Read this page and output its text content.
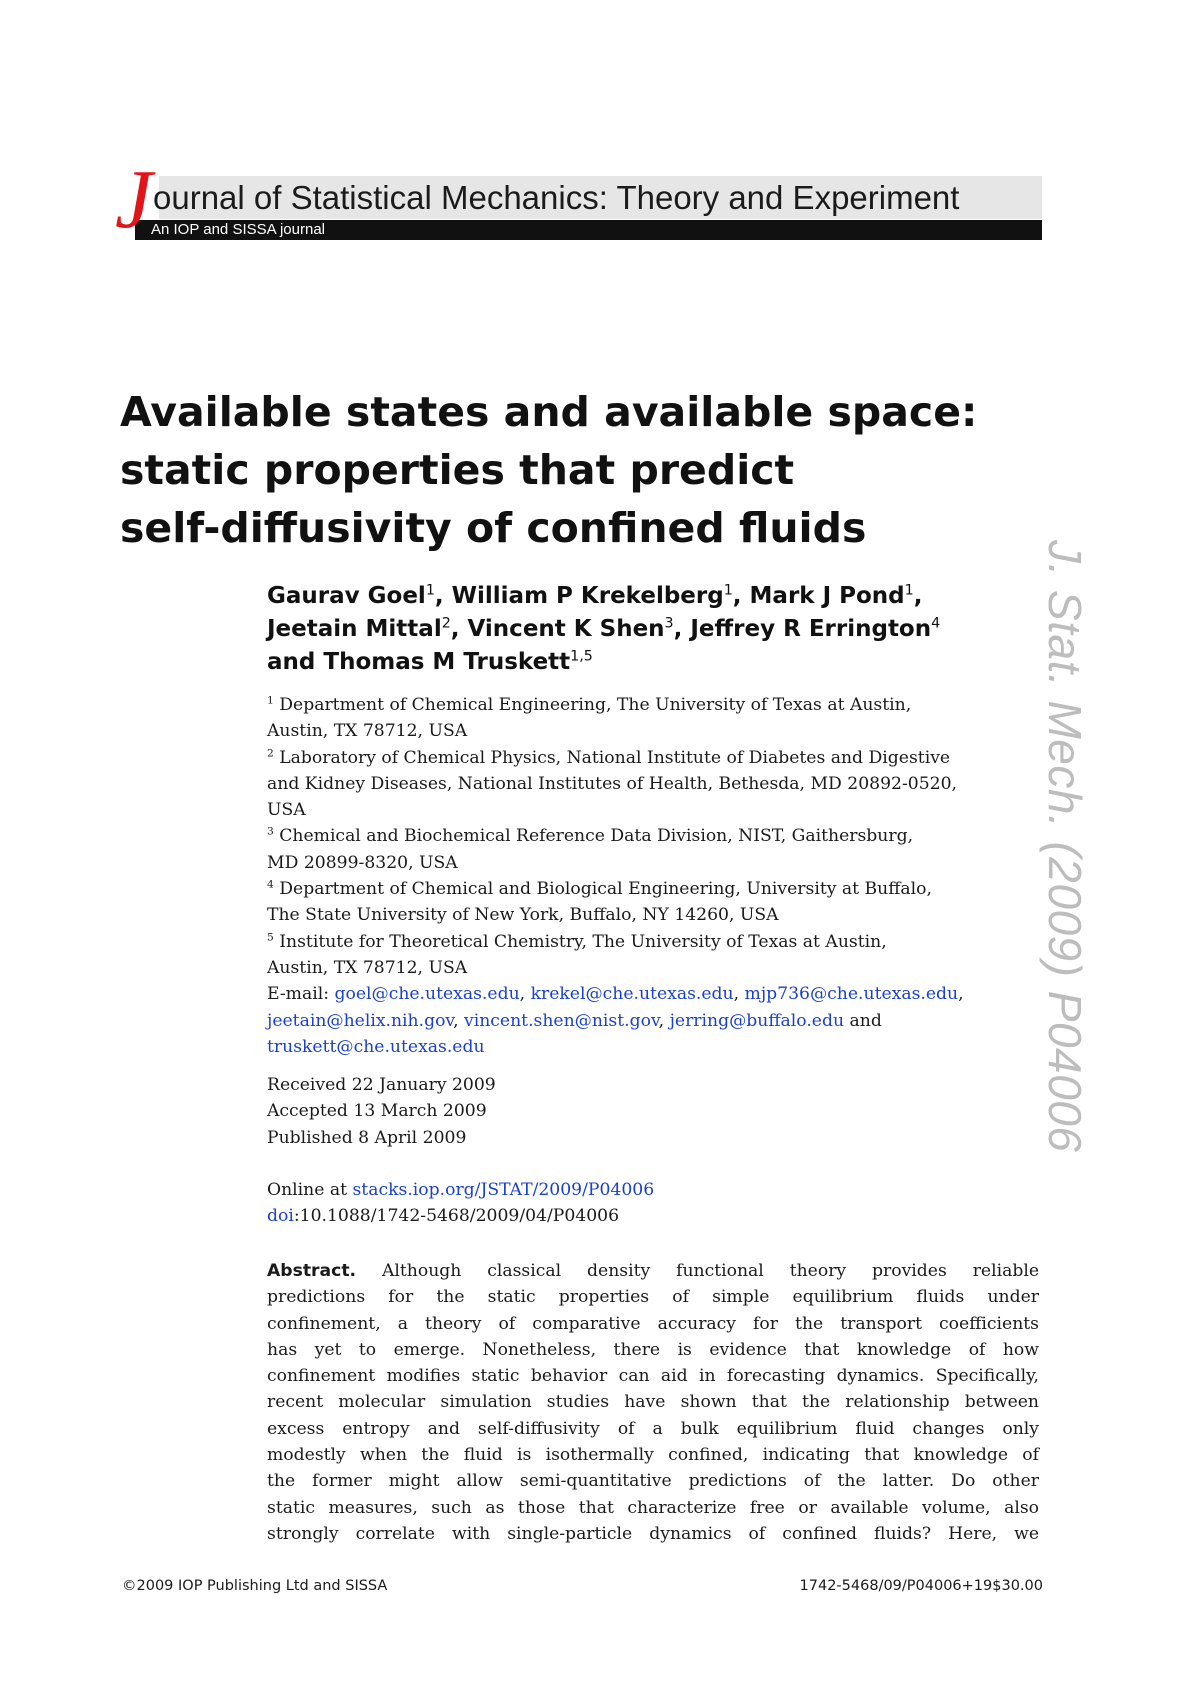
J ournal of Statistical Mechanics: Theory and Experiment
An IOP and SISSA journal
Available states and available space:
static properties that predict
self-diffusivity of confined fluids
J. Stat. Mech. (2009) P04006
Gaurav Goel$^1$, William P Krekelberg$^1$, Mark J Pond$^1$,
Jeetain Mittal$^2$, Vincent K Shen$^3$, Jeffrey R Errington$^4$
and Thomas M Truskett$^{1,5}$
$^1$ Department of Chemical Engineering, The University of Texas at Austin,
Austin, TX 78712, USA
$^2$ Laboratory of Chemical Physics, National Institute of Diabetes and Digestive
and Kidney Diseases, National Institutes of Health, Bethesda, MD 20892-0520,
USA
$^3$ Chemical and Biochemical Reference Data Division, NIST, Gaithersburg,
MD 20899-8320, USA
$^4$ Department of Chemical and Biological Engineering, University at Buffalo,
The State University of New York, Buffalo, NY 14260, USA
$^5$ Institute for Theoretical Chemistry, The University of Texas at Austin,
Austin, TX 78712, USA
E-mail: goel@che.utexas.edu, krekel@che.utexas.edu, mjp736@che.utexas.edu,
jeetain@helix.nih.gov, vincent.shen@nist.gov, jerring@buffalo.edu and
truskett@che.utexas.edu
Received 22 January 2009
Accepted 13 March 2009
Published 8 April 2009
Online at stacks.iop.org/JSTAT/2009/P04006
doi:10.1088/1742-5468/2009/04/P04006
Abstract. Although classical density functional theory provides reliable
predictions for the static properties of simple equilibrium fluids under
confinement, a theory of comparative accuracy for the transport coefficients
has yet to emerge. Nonetheless, there is evidence that knowledge of how
confinement modifies static behavior can aid in forecasting dynamics. Specifically,
recent molecular simulation studies have shown that the relationship between
excess entropy and self-diffusivity of a bulk equilibrium fluid changes only
modestly when the fluid is isothermally confined, indicating that knowledge of
the former might allow semi-quantitative predictions of the latter. Do other
static measures, such as those that characterize free or available volume, also
strongly correlate with single-particle dynamics of confined fluids? Here, we
©2009 IOP Publishing Ltd and SISSA	1742-5468/09/P04006+19$30.00
